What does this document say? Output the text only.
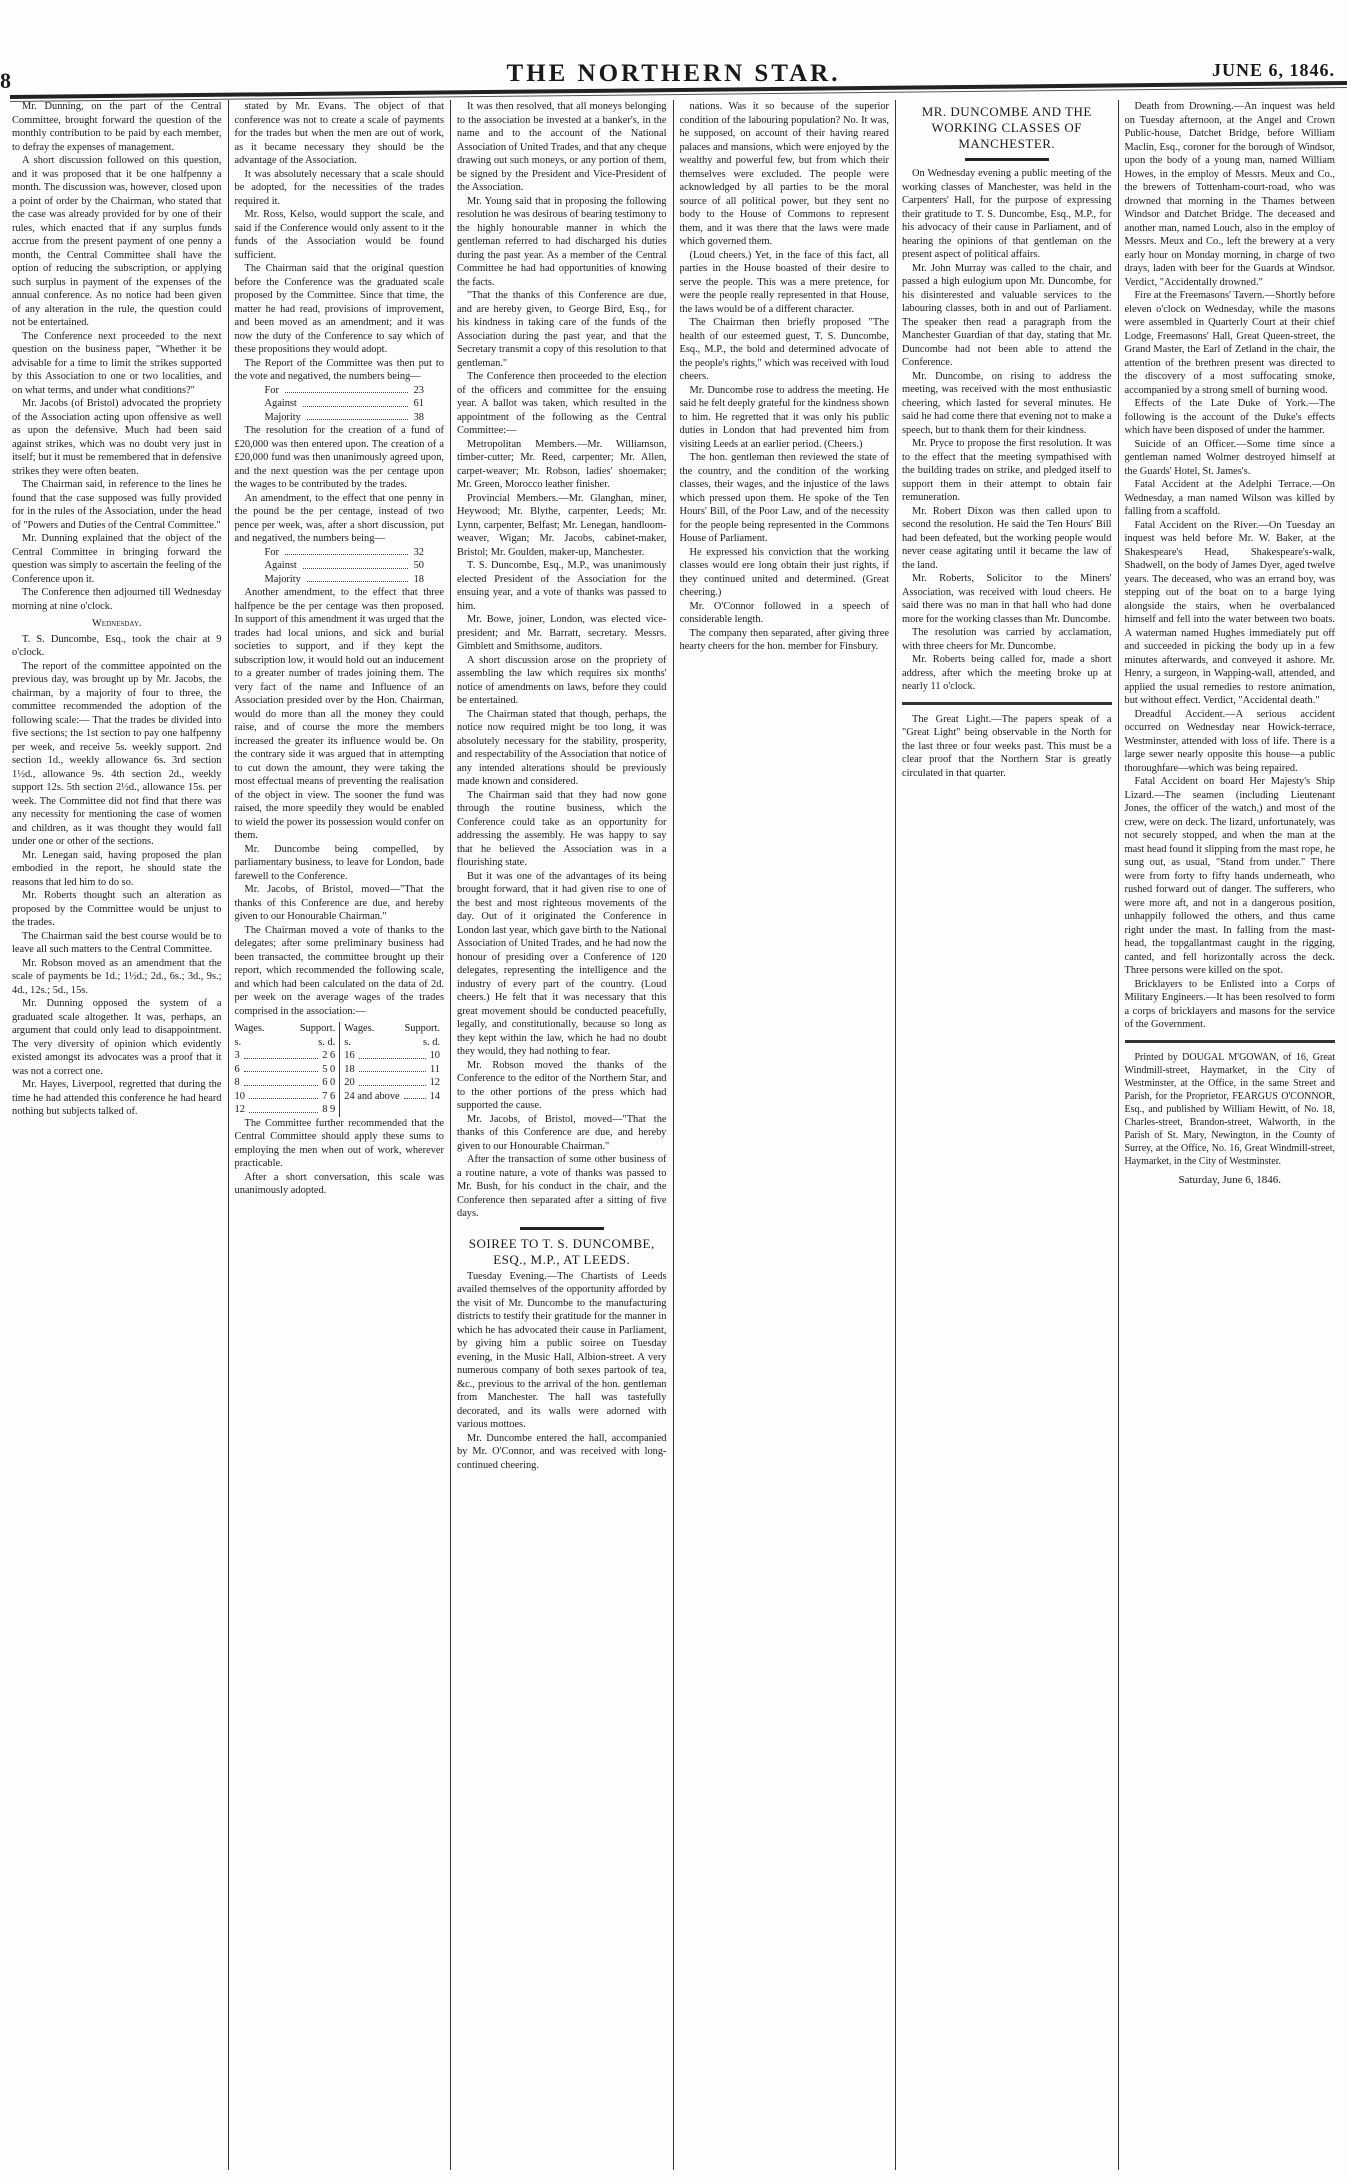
8	THE NORTHERN STAR.	JUNE 6, 1846.

Mr. Dunning, on the part of the Central Committee, brought forward the question of the monthly contribution to be paid by each member, to defray the expenses of management.

A short discussion followed on this question, and it was proposed that it be one halfpenny a month. The discussion was, however, closed upon a point of order by the Chairman, who stated that the case was already provided for by one of their rules, which enacted that if any surplus funds accrue from the present payment of one penny a month, the Central Committee shall have the option of reducing the subscription, or applying such surplus in payment of the expenses of the annual conference. As no notice had been given of any alteration in the rule, the question could not be entertained.

The Conference next proceeded to the next question on the business paper, "Whether it be advisable for a time to limit the strikes supported by this Association to one or two localities, and on what terms, and under what conditions?"

Mr. Jacobs (of Bristol) advocated the propriety of the Association acting upon offensive as well as upon the defensive. Much had been said against strikes, which was no doubt very just in itself; but it must be remembered that in defensive strikes they were often beaten.

The Chairman said, in reference to the lines he found that the case supposed was fully provided for in the rules of the Association, under the head of "Powers and Duties of the Central Committee."

Mr. Dunning explained that the object of the Central Committee in bringing forward the question was simply to ascertain the feeling of the Conference upon it.

The Conference then adjourned till Wednesday morning at nine o'clock.

Wednesday.

T. S. Duncombe, Esq., took the chair at 9 o'clock.

The report of the committee appointed on the previous day, was brought up by Mr. Jacobs, the chairman, by a majority of four to three, the committee recommended the adoption of the following scale:— That the trades be divided into five sections; the 1st section to pay one halfpenny per week, and receive 5s. weekly support. 2nd section 1d., weekly allowance 6s. 3rd section 1½d., allowance 9s. 4th section 2d., weekly support 12s. 5th section 2½d., allowance 15s. per week. The Committee did not find that there was any necessity for mentioning the case of women and children, as it was thought they would fall under one or other of the sections.

Mr. Lenegan said, having proposed the plan embodied in the report, he should state the reasons that led him to do so.

Mr. Roberts thought such an alteration as proposed by the Committee would be unjust to the trades.

The Chairman said the best course would be to leave all such matters to the Central Committee.

Mr. Robson moved as an amendment that the scale of payments be 1d.; 1½d.; 2d., 6s.; 3d., 9s.; 4d., 12s.; 5d., 15s.

Mr. Dunning opposed the system of a graduated scale altogether. It was, perhaps, an argument that could only lead to disappointment. The very diversity of opinion which evidently existed amongst its advocates was a proof that it was not a correct one.

Mr. Hayes, Liverpool, regretted that during the time he had attended this conference he had heard nothing but subjects talked of.

stated by Mr. Evans. The object of that conference was not to create a scale of payments for the trades but when the men are out of work, as it became necessary they should be the advantage of the Association.

It was absolutely necessary that a scale should be adopted, for the necessities of the trades required it.

Mr. Ross, Kelso, would support the scale, and said if the Conference would only assent to it the funds of the Association would be found sufficient.

The Chairman said that the original question before the Conference was the graduated scale proposed by the Committee. Since that time, the matter he had read, provisions of improvement, and been moved as an amendment; and it was now the duty of the Conference to say which of these propositions they would adopt.

The Report of the Committee was then put to the vote and negatived, the numbers being—

For	23
Against	61
Majority	38

The resolution for the creation of a fund of £20,000 was then entered upon. The creation of a £20,000 fund was then unanimously agreed upon, and the next question was the per centage upon the wages to be contributed by the trades.

An amendment, to the effect that one penny in the pound be the per centage, instead of two pence per week, was, after a short discussion, put and negatived, the numbers being—

For	32
Against	50
Majority	18

Another amendment, to the effect that three halfpence be the per centage was then proposed. In support of this amendment it was urged that the trades had local unions, and sick and burial societies to support, and if they kept the subscription low, it would hold out an inducement to a greater number of trades joining them. The very fact of the name and Influence of an Association presided over by the Hon. Chairman, would do more than all the money they could raise, and of course the more the members increased the greater its influence would be. On the contrary side it was argued that in attempting to cut down the amount, they were taking the most effectual means of preventing the realisation of the object in view. The sooner the fund was raised, the more speedily they would be enabled to wield the power its possession would confer on them.

Mr. Duncombe being compelled, by parliamentary business, to leave for London, bade farewell to the Conference.

Mr. Jacobs, of Bristol, moved—"That the thanks of this Conference are due, and hereby given to our Honourable Chairman."

The Chairman moved a vote of thanks to the delegates; after some preliminary business had been transacted, the committee brought up their report, which recommended the following scale, and which had been calculated on the data of 2d. per week on the average wages of the trades comprised in the association:—

Wages.	Support.
s.	s. d.
3	2 6
6	5 0
8	6 0
10	7 6
12	8 9
Wages.	Support.
s.	s. d.
16	10
18	11
20	12
24 and above	14

The Committee further recommended that the Central Committee should apply these sums to employing the men when out of work, wherever practicable.

After a short conversation, this scale was unanimously adopted.

It was then resolved, that all moneys belonging to the association be invested at a banker's, in the name and to the account of the National Association of United Trades, and that any cheque drawing out such moneys, or any portion of them, be signed by the President and Vice-President of the Association.

Mr. Young said that in proposing the following resolution he was desirous of bearing testimony to the highly honourable manner in which the gentleman referred to had discharged his duties during the past year. As a member of the Central Committee he had had opportunities of knowing the facts.

"That the thanks of this Conference are due, and are hereby given, to George Bird, Esq., for his kindness in taking care of the funds of the Association during the past year, and that the Secretary transmit a copy of this resolution to that gentleman."

The Conference then proceeded to the election of the officers and committee for the ensuing year. A ballot was taken, which resulted in the appointment of the following as the Central Committee:—

Metropolitan Members.—Mr. Williamson, timber-cutter; Mr. Reed, carpenter; Mr. Allen, carpet-weaver; Mr. Robson, ladies' shoemaker; Mr. Green, Morocco leather finisher.

Provincial Members.—Mr. Glanghan, miner, Heywood; Mr. Blythe, carpenter, Leeds; Mr. Lynn, carpenter, Belfast; Mr. Lenegan, handloom-weaver, Wigan; Mr. Jacobs, cabinet-maker, Bristol; Mr. Goulden, maker-up, Manchester.

T. S. Duncombe, Esq., M.P., was unanimously elected President of the Association for the ensuing year, and a vote of thanks was passed to him.

Mr. Bowe, joiner, London, was elected vice-president; and Mr. Barratt, secretary. Messrs. Gimblett and Smithsome, auditors.

A short discussion arose on the propriety of assembling the law which requires six months' notice of amendments on laws, before they could be entertained.

The Chairman stated that though, perhaps, the notice now required might be too long, it was absolutely necessary for the stability, prosperity, and respectability of the Association that notice of any intended alterations should be previously made known and considered.

The Chairman said that they had now gone through the routine business, which the Conference could take as an opportunity for addressing the assembly. He was happy to say that he believed the Association was in a flourishing state.

But it was one of the advantages of its being brought forward, that it had given rise to one of the best and most righteous movements of the day. Out of it originated the Conference in London last year, which gave birth to the National Association of United Trades, and he had now the honour of presiding over a Conference of 120 delegates, representing the intelligence and the industry of every part of the country. (Loud cheers.) He felt that it was necessary that this great movement should be conducted peacefully, legally, and constitutionally, because so long as they kept within the law, which he had no doubt they would, they had nothing to fear.

Mr. Robson moved the thanks of the Conference to the editor of the Northern Star, and to the other portions of the press which had supported the cause.

Mr. Jacobs, of Bristol, moved—"That the thanks of this Conference are due, and hereby given to our Honourable Chairman."

After the transaction of some other business of a routine nature, a vote of thanks was passed to Mr. Bush, for his conduct in the chair, and the Conference then separated after a sitting of five days.

SOIREE TO T. S. DUNCOMBE, ESQ., M.P., AT LEEDS.

Tuesday Evening.—The Chartists of Leeds availed themselves of the opportunity afforded by the visit of Mr. Duncombe to the manufacturing districts to testify their gratitude for the manner in which he has advocated their cause in Parliament, by giving him a public soiree on Tuesday evening, in the Music Hall, Albion-street. A very numerous company of both sexes partook of tea, &c., previous to the arrival of the hon. gentleman from Manchester. The hall was tastefully decorated, and its walls were adorned with various mottoes.

Mr. Duncombe entered the hall, accompanied by Mr. O'Connor, and was received with long-continued cheering.

nations. Was it so because of the superior condition of the labouring population? No. It was, he supposed, on account of their having reared palaces and mansions, which were enjoyed by the wealthy and powerful few, but from which their themselves were excluded. The people were acknowledged by all parties to be the moral source of all political power, but they sent no body to the House of Commons to represent them, and it was there that the laws were made which governed them.

(Loud cheers.) Yet, in the face of this fact, all parties in the House boasted of their desire to serve the people. This was a mere pretence, for were the people really represented in that House, the laws would be of a different character.

The Chairman then briefly proposed "The health of our esteemed guest, T. S. Duncombe, Esq., M.P., the bold and determined advocate of the people's rights," which was received with loud cheers.

Mr. Duncombe rose to address the meeting. He said he felt deeply grateful for the kindness shown to him. He regretted that it was only his public duties in London that had prevented him from visiting Leeds at an earlier period. (Cheers.)

The hon. gentleman then reviewed the state of the country, and the condition of the working classes, their wages, and the injustice of the laws which pressed upon them. He spoke of the Ten Hours' Bill, of the Poor Law, and of the necessity for the people being represented in the Commons House of Parliament.

He expressed his conviction that the working classes would ere long obtain their just rights, if they continued united and determined. (Great cheering.)

Mr. O'Connor followed in a speech of considerable length.

The company then separated, after giving three hearty cheers for the hon. member for Finsbury.

MR. DUNCOMBE AND THE WORKING CLASSES OF MANCHESTER.

On Wednesday evening a public meeting of the working classes of Manchester, was held in the Carpenters' Hall, for the purpose of expressing their gratitude to T. S. Duncombe, Esq., M.P., for his advocacy of their cause in Parliament, and of hearing the opinions of that gentleman on the present aspect of political affairs.

Mr. John Murray was called to the chair, and passed a high eulogium upon Mr. Duncombe, for his disinterested and valuable services to the labouring classes, both in and out of Parliament. The speaker then read a paragraph from the Manchester Guardian of that day, stating that Mr. Duncombe had not been able to attend the Conference.

Mr. Duncombe, on rising to address the meeting, was received with the most enthusiastic cheering, which lasted for several minutes. He said he had come there that evening not to make a speech, but to thank them for their kindness.

Mr. Pryce to propose the first resolution. It was to the effect that the meeting sympathised with the building trades on strike, and pledged itself to support them in their attempt to obtain fair remuneration.

Mr. Robert Dixon was then called upon to second the resolution. He said the Ten Hours' Bill had been defeated, but the working people would never cease agitating until it became the law of the land.

Mr. Roberts, Solicitor to the Miners' Association, was received with loud cheers. He said there was no man in that hall who had done more for the working classes than Mr. Duncombe.

The resolution was carried by acclamation, with three cheers for Mr. Duncombe.

Mr. Roberts being called for, made a short address, after which the meeting broke up at nearly 11 o'clock.

The Great Light.—The papers speak of a "Great Light" being observable in the North for the last three or four weeks past. This must be a clear proof that the Northern Star is greatly circulated in that quarter.

Death from Drowning.—An inquest was held on Tuesday afternoon, at the Angel and Crown Public-house, Datchet Bridge, before William Maclin, Esq., coroner for the borough of Windsor, upon the body of a young man, named William Howes, in the employ of Messrs. Meux and Co., the brewers of Tottenham-court-road, who was drowned that morning in the Thames between Windsor and Datchet Bridge. The deceased and another man, named Louch, also in the employ of Messrs. Meux and Co., left the brewery at a very early hour on Monday morning, in charge of two drays, laden with beer for the Guards at Windsor. Verdict, "Accidentally drowned."

Fire at the Freemasons' Tavern.—Shortly before eleven o'clock on Wednesday, while the masons were assembled in Quarterly Court at their chief Lodge, Freemasons' Hall, Great Queen-street, the Grand Master, the Earl of Zetland in the chair, the attention of the brethren present was directed to the discovery of a most suffocating smoke, accompanied by a strong smell of burning wood.

Effects of the Late Duke of York.—The following is the account of the Duke's effects which have been disposed of under the hammer.

Suicide of an Officer.—Some time since a gentleman named Wolmer destroyed himself at the Guards' Hotel, St. James's.

Fatal Accident at the Adelphi Terrace.—On Wednesday, a man named Wilson was killed by falling from a scaffold.

Fatal Accident on the River.—On Tuesday an inquest was held before Mr. W. Baker, at the Shakespeare's Head, Shakespeare's-walk, Shadwell, on the body of James Dyer, aged twelve years. The deceased, who was an errand boy, was stepping out of the boat on to a barge lying alongside the stairs, when he overbalanced himself and fell into the water between two boats. A waterman named Hughes immediately put off and succeeded in picking the body up in a few minutes afterwards, and conveyed it ashore. Mr. Henry, a surgeon, in Wapping-wall, attended, and applied the usual remedies to restore animation, but without effect. Verdict, "Accidental death."

Dreadful Accident.—A serious accident occurred on Wednesday near Howick-terrace, Westminster, attended with loss of life. There is a large sewer nearly opposite this house—a public thoroughfare—which was being repaired.

Fatal Accident on board Her Majesty's Ship Lizard.—The seamen (including Lieutenant Jones, the officer of the watch,) and most of the crew, were on deck. The lizard, unfortunately, was not securely stopped, and when the man at the mast head found it slipping from the mast rope, he sung out, as usual, "Stand from under." There were from forty to fifty hands underneath, who rushed forward out of danger. The sufferers, who were more aft, and not in a dangerous position, unhappily followed the others, and thus came right under the mast. In falling from the mast-head, the topgallantmast caught in the rigging, canted, and fell horizontally across the deck. Three persons were killed on the spot.

Bricklayers to be Enlisted into a Corps of Military Engineers.—It has been resolved to form a corps of bricklayers and masons for the service of the Government.

Printed by DOUGAL M'GOWAN, of 16, Great Windmill-street, Haymarket, in the City of Westminster, at the Office, in the same Street and Parish, for the Proprietor, FEARGUS O'CONNOR, Esq., and published by William Hewitt, of No. 18, Charles-street, Brandon-street, Walworth, in the Parish of St. Mary, Newington, in the County of Surrey, at the Office, No. 16, Great Windmill-street, Haymarket, in the City of Westminster.

Saturday, June 6, 1846.
